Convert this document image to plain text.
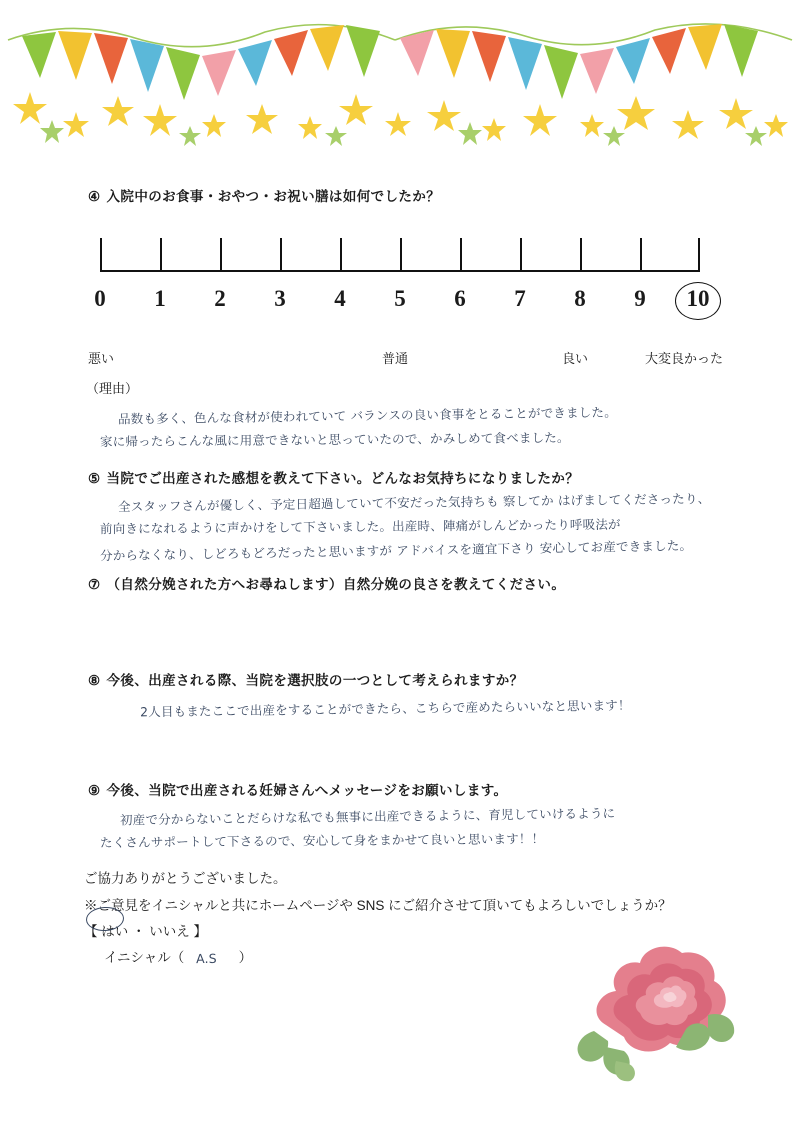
④ 入院中のお食事・おやつ・お祝い膳は如何でしたか？
0 1 2 3 4 5 6 7 8 9 10
悪い	普通	良い	大変良かった
（理由）
品数も多く、色んな食材が使われていて バランスの良い食事をとることができました。
家に帰ったらこんな風に用意できないと思っていたので、かみしめて食べました。
⑤ 当院でご出産された感想を教えて下さい。どんなお気持ちになりましたか？
全スタッフさんが優しく、予定日超過していて不安だった気持ちも 察してか はげましてくださったり、
前向きになれるように声かけをして下さいました。出産時、陣痛がしんどかったり呼吸法が
分からなくなり、しどろもどろだったと思いますが アドバイスを適宜下さり 安心してお産できました。
⑦ （自然分娩された方へお尋ねします）自然分娩の良さを教えてください。
⑧ 今後、出産される際、当院を選択肢の一つとして考えられますか？
2人目もまたここで出産をすることができたら、こちらで産めたらいいなと思います！
⑨ 今後、当院で出産される妊婦さんへメッセージをお願いします。
初産で分からないことだらけな私でも無事に出産できるように、育児していけるように
たくさんサポートして下さるので、安心して身をまかせて良いと思います！！
ご協力ありがとうございました。
※ご意見をイニシャルと共にホームページや SNS にご紹介させて頂いてもよろしいでしょうか？
【 はい ・ いいえ 】
イニシャル（ A.S ）
